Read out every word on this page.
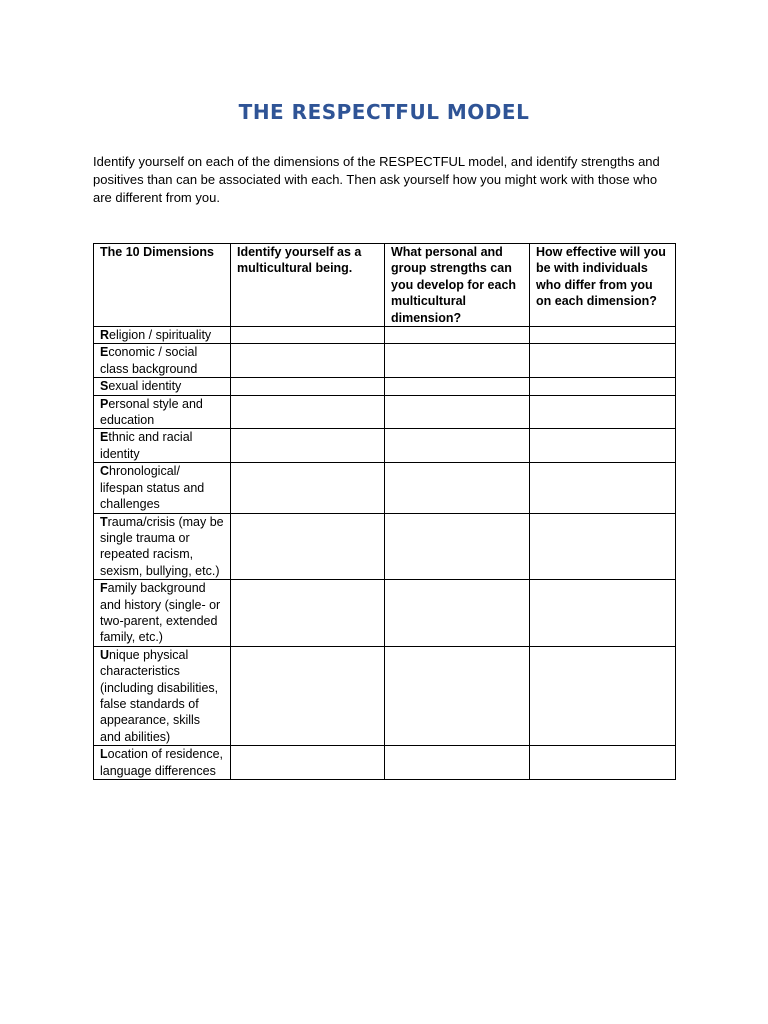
THE RESPECTFUL MODEL

Identify yourself on each of the dimensions of the RESPECTFUL model, and identify strengths and positives than can be associated with each. Then ask yourself how you might work with those who are different from you.

The 10 Dimensions	Identify yourself as a multicultural being.	What personal and group strengths can you develop for each multicultural dimension?	How effective will you be with individuals who differ from you on each dimension?
Religion / spirituality			
Economic / social class background			
Sexual identity			
Personal style and education			
Ethnic and racial identity			
Chronological/ lifespan status and challenges			
Trauma/crisis (may be single trauma or repeated racism, sexism, bullying, etc.)			
Family background and history (single- or two-parent, extended family, etc.)			
Unique physical characteristics (including disabilities, false standards of appearance, skills and abilities)			
Location of residence, language differences			
